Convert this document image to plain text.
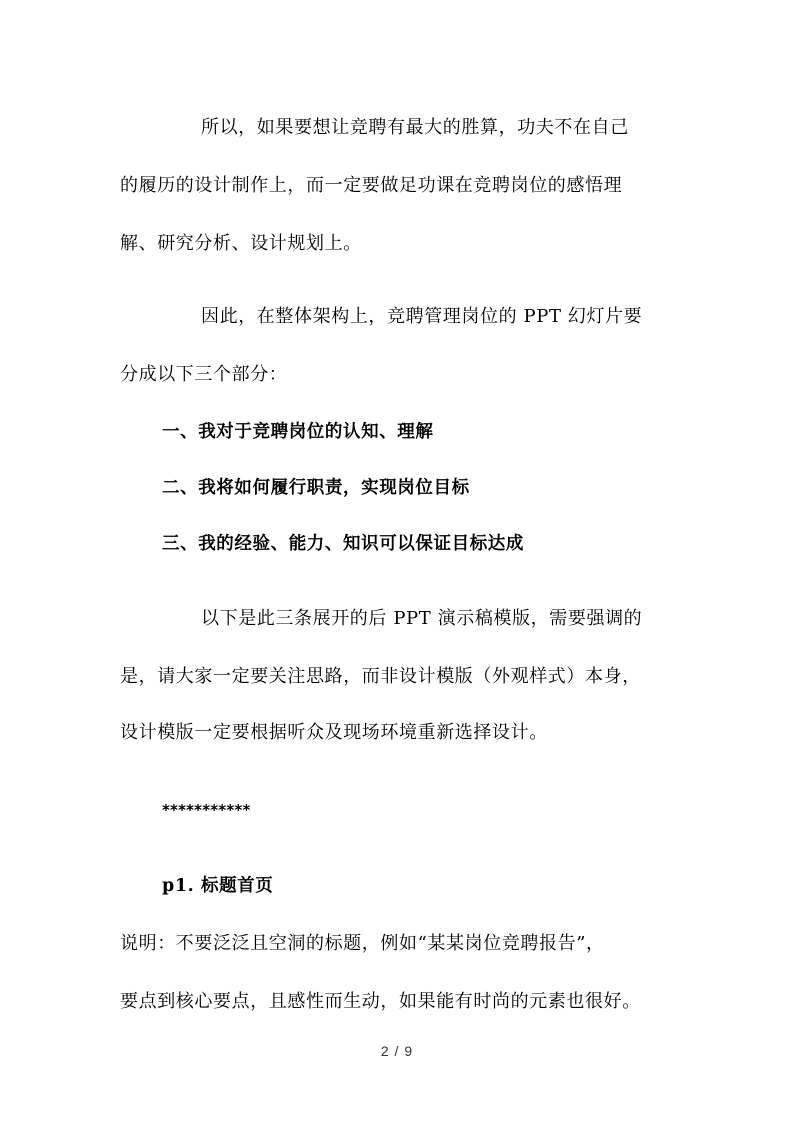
所以，如果要想让竞聘有最大的胜算，功夫不在自己
的履历的设计制作上，而一定要做足功课在竞聘岗位的感悟理
解、研究分析、设计规划上。
因此，在整体架构上，竞聘管理岗位的 PPT 幻灯片要
分成以下三个部分：
一、我对于竞聘岗位的认知、理解
二、我将如何履行职责，实现岗位目标
三、我的经验、能力、知识可以保证目标达成
以下是此三条展开的后 PPT 演示稿模版，需要强调的
是，请大家一定要关注思路，而非设计模版（外观样式）本身，
设计模版一定要根据听众及现场环境重新选择设计。
***********
p1. 标题首页
说明：不要泛泛且空洞的标题，例如“某某岗位竞聘报告”，
要点到核心要点，且感性而生动，如果能有时尚的元素也很好。
2 / 9
